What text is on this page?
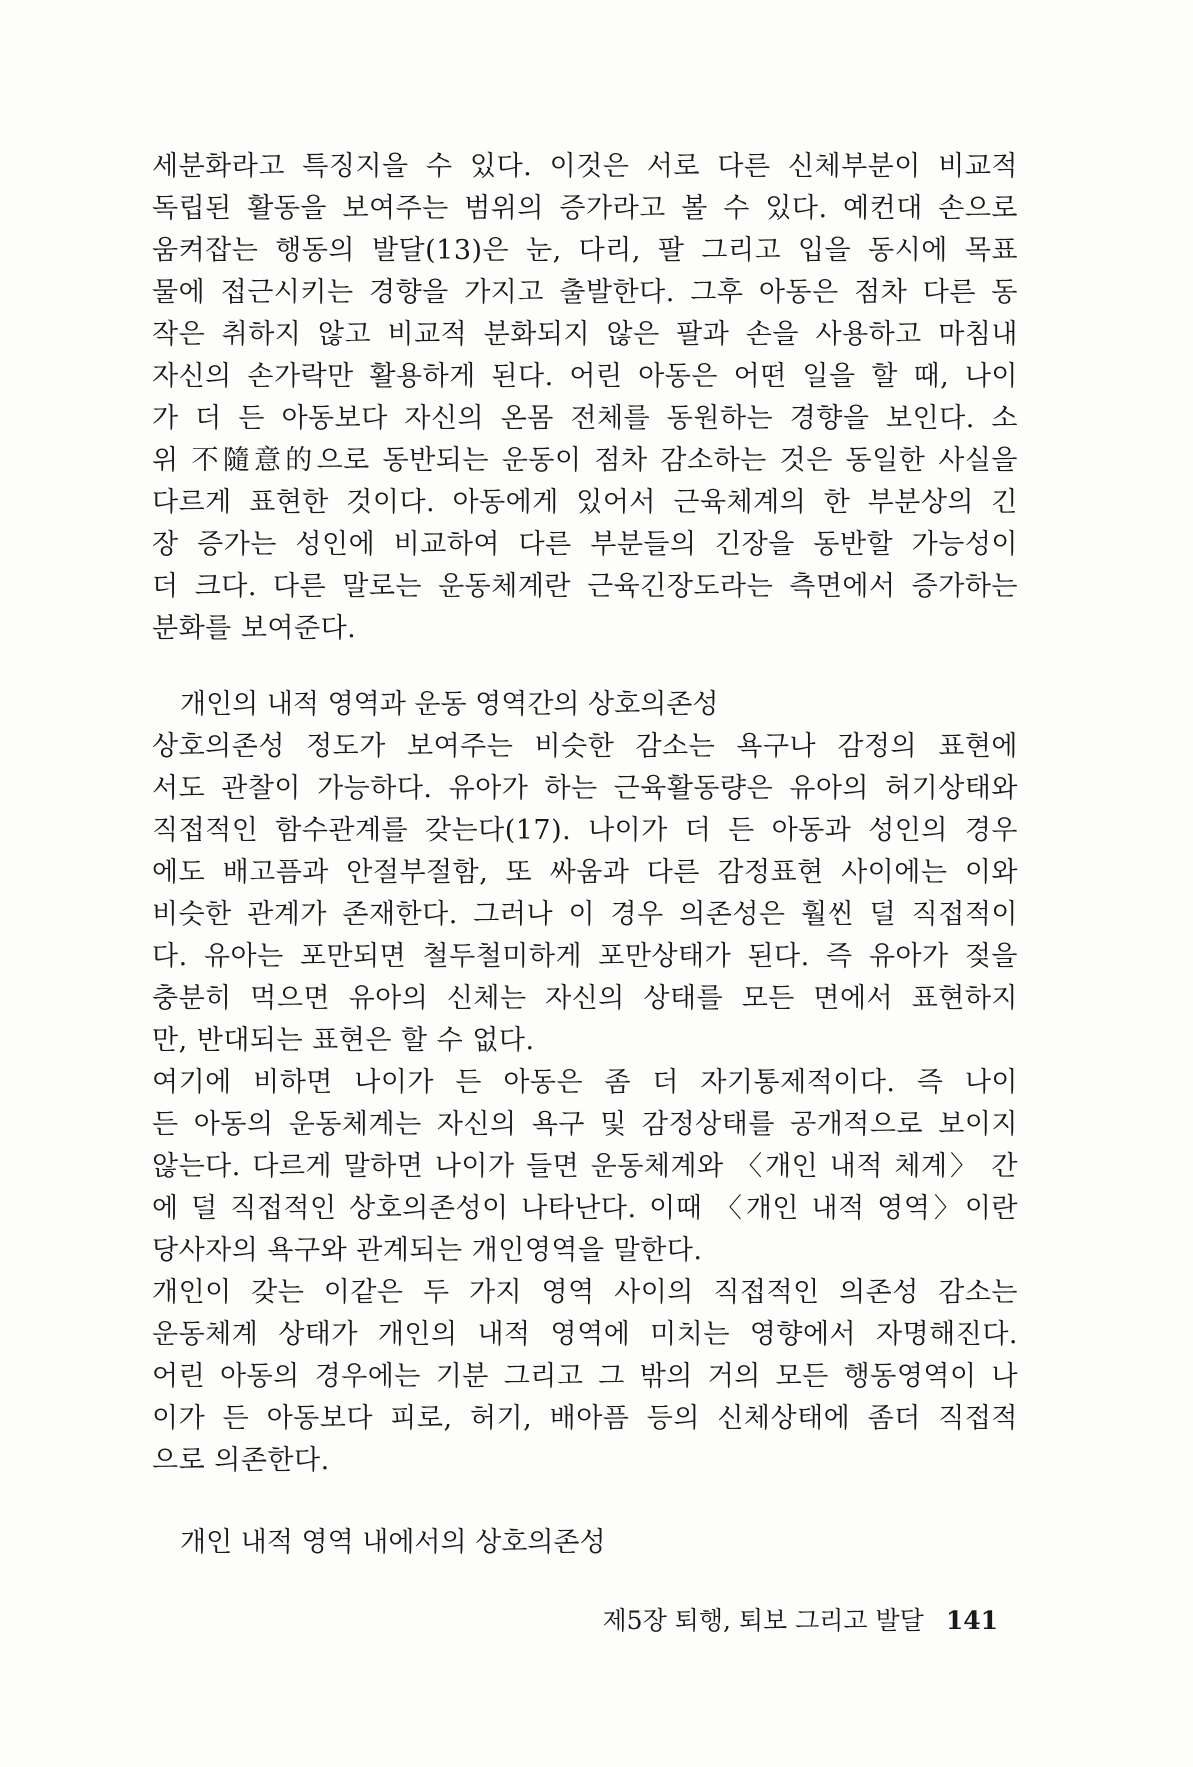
세분화라고 특징지을 수 있다. 이것은 서로 다른 신체부분이 비교적
독립된 활동을 보여주는 범위의 증가라고 볼 수 있다. 예컨대 손으로
움켜잡는 행동의 발달(13)은 눈, 다리, 팔 그리고 입을 동시에 목표
물에 접근시키는 경향을 가지고 출발한다. 그후 아동은 점차 다른 동
작은 취하지 않고 비교적 분화되지 않은 팔과 손을 사용하고 마침내
자신의 손가락만 활용하게 된다. 어린 아동은 어떤 일을 할 때, 나이
가 더 든 아동보다 자신의 온몸 전체를 동원하는 경향을 보인다. 소
위 不隨意的으로 동반되는 운동이 점차 감소하는 것은 동일한 사실을
다르게 표현한 것이다. 아동에게 있어서 근육체계의 한 부분상의 긴
장 증가는 성인에 비교하여 다른 부분들의 긴장을 동반할 가능성이
더 크다. 다른 말로는 운동체계란 근육긴장도라는 측면에서 증가하는
분화를 보여준다.
개인의 내적 영역과 운동 영역간의 상호의존성
상호의존성 정도가 보여주는 비슷한 감소는 욕구나 감정의 표현에
서도 관찰이 가능하다. 유아가 하는 근육활동량은 유아의 허기상태와
직접적인 함수관계를 갖는다(17). 나이가 더 든 아동과 성인의 경우
에도 배고픔과 안절부절함, 또 싸움과 다른 감정표현 사이에는 이와
비슷한 관계가 존재한다. 그러나 이 경우 의존성은 훨씬 덜 직접적이
다. 유아는 포만되면 철두철미하게 포만상태가 된다. 즉 유아가 젖을
충분히 먹으면 유아의 신체는 자신의 상태를 모든 면에서 표현하지
만, 반대되는 표현은 할 수 없다.
여기에 비하면 나이가 든 아동은 좀 더 자기통제적이다. 즉 나이
든 아동의 운동체계는 자신의 욕구 및 감정상태를 공개적으로 보이지
않는다. 다르게 말하면 나이가 들면 운동체계와 〈개인 내적 체계〉 간
에 덜 직접적인 상호의존성이 나타난다. 이때 〈개인 내적 영역〉이란
당사자의 욕구와 관계되는 개인영역을 말한다.
개인이 갖는 이같은 두 가지 영역 사이의 직접적인 의존성 감소는
운동체계 상태가 개인의 내적 영역에 미치는 영향에서 자명해진다.
어린 아동의 경우에는 기분 그리고 그 밖의 거의 모든 행동영역이 나
이가 든 아동보다 피로, 허기, 배아픔 등의 신체상태에 좀더 직접적
으로 의존한다.
개인 내적 영역 내에서의 상호의존성
제5장 퇴행, 퇴보 그리고 발달 141
